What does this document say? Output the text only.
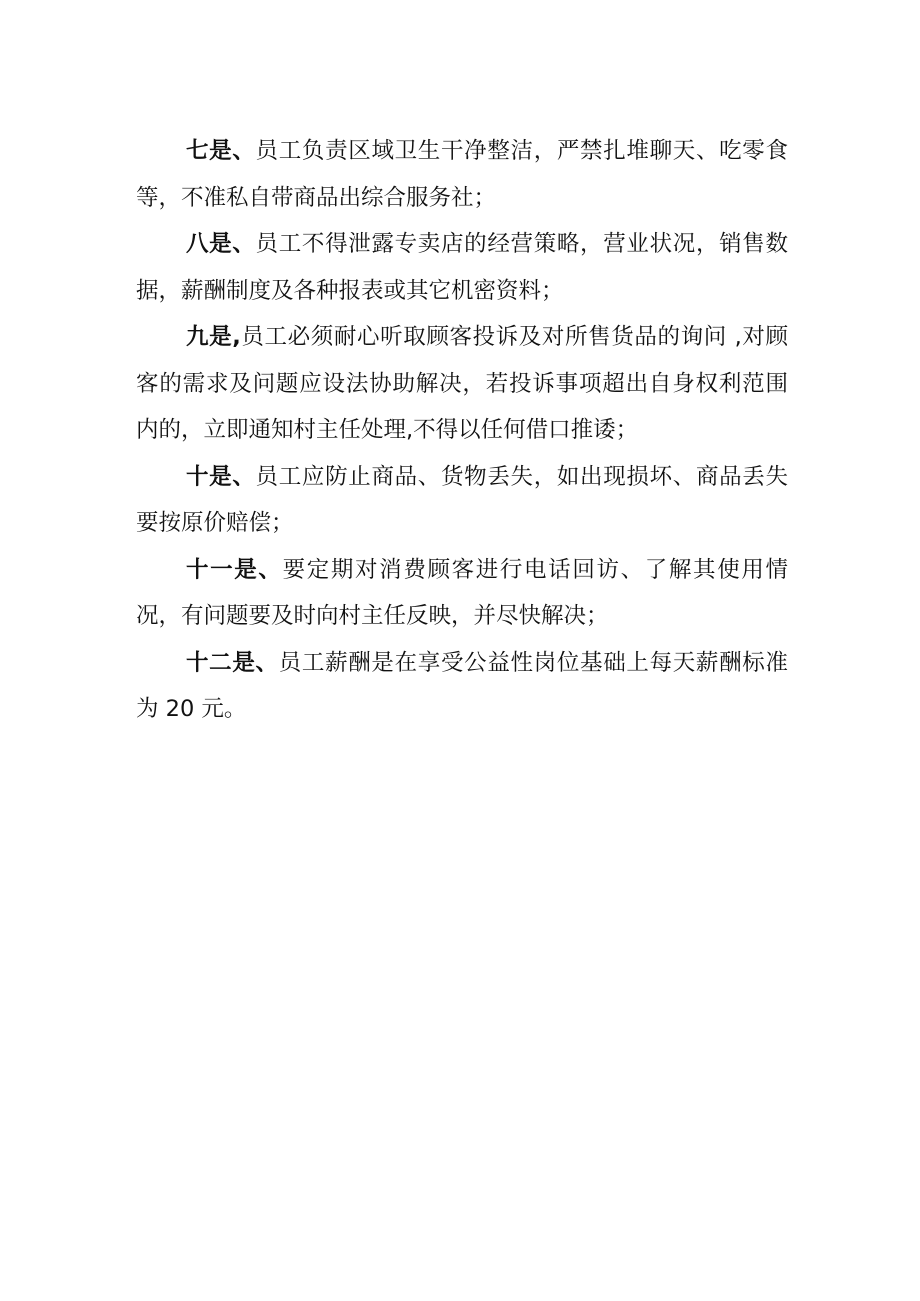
七是、员工负责区域卫生干净整洁，严禁扎堆聊天、吃零食等，不准私自带商品出综合服务社；

八是、员工不得泄露专卖店的经营策略，营业状况，销售数据，薪酬制度及各种报表或其它机密资料；

九是,员工必须耐心听取顾客投诉及对所售货品的询问 ,对顾客的需求及问题应设法协助解决，若投诉事项超出自身权利范围内的，立即通知村主任处理,不得以任何借口推诿；

十是、员工应防止商品、货物丢失，如出现损坏、商品丢失要按原价赔偿；

十一是、要定期对消费顾客进行电话回访、了解其使用情况，有问题要及时向村主任反映，并尽快解决；

十二是、员工薪酬是在享受公益性岗位基础上每天薪酬标准为 20 元。
